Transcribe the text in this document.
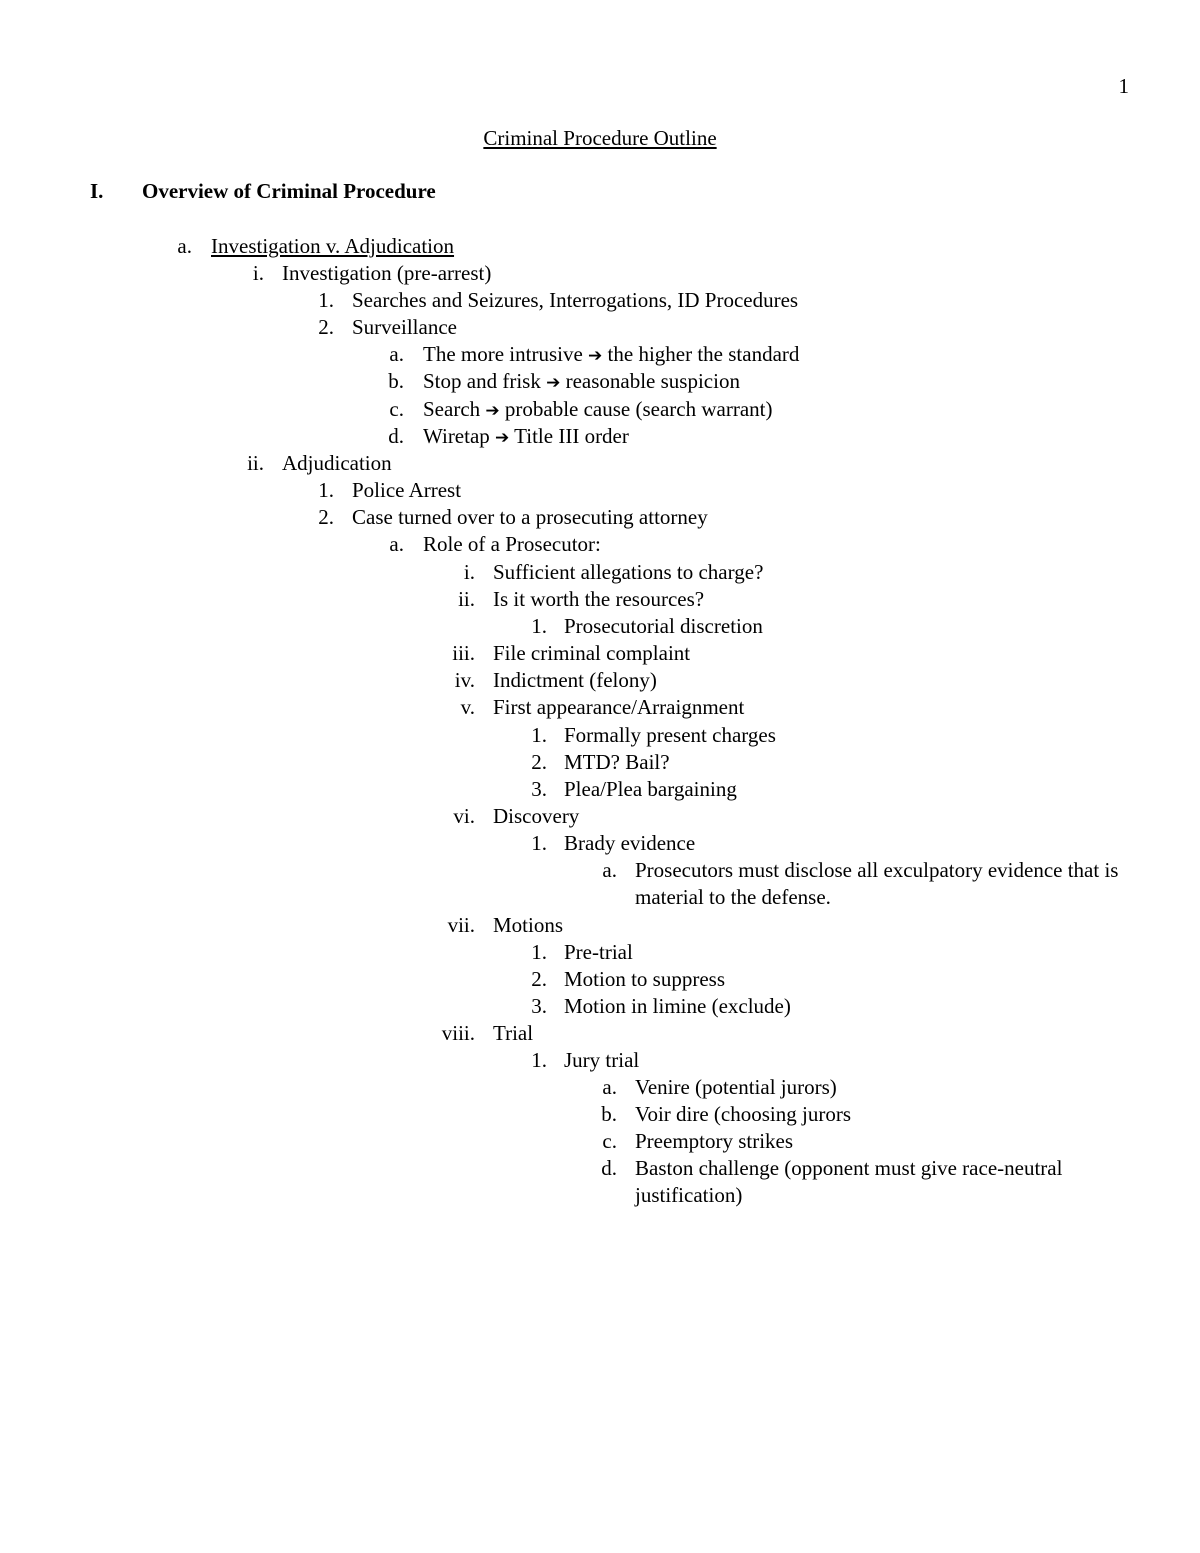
1
Criminal Procedure Outline
I. Overview of Criminal Procedure
a. Investigation v. Adjudication
i. Investigation (pre-arrest)
1. Searches and Seizures, Interrogations, ID Procedures
2. Surveillance
a. The more intrusive ➔ the higher the standard
b. Stop and frisk ➔ reasonable suspicion
c. Search ➔ probable cause (search warrant)
d. Wiretap ➔ Title III order
ii. Adjudication
1. Police Arrest
2. Case turned over to a prosecuting attorney
a. Role of a Prosecutor:
i. Sufficient allegations to charge?
ii. Is it worth the resources?
1. Prosecutorial discretion
iii. File criminal complaint
iv. Indictment (felony)
v. First appearance/Arraignment
1. Formally present charges
2. MTD? Bail?
3. Plea/Plea bargaining
vi. Discovery
1. Brady evidence
a. Prosecutors must disclose all exculpatory evidence that is material to the defense.
vii. Motions
1. Pre-trial
2. Motion to suppress
3. Motion in limine (exclude)
viii. Trial
1. Jury trial
a. Venire (potential jurors)
b. Voir dire (choosing jurors
c. Preemptory strikes
d. Baston challenge (opponent must give race-neutral justification)
